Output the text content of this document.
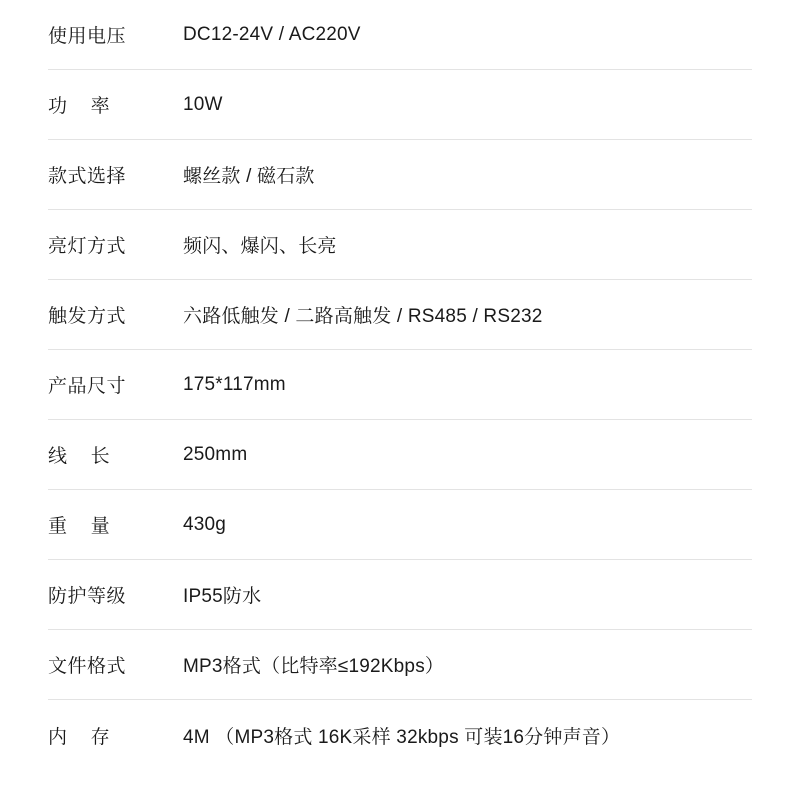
使用电压	DC12-24V / AC220V
功    率	10W
款式选择	螺丝款 / 磁石款
亮灯方式	频闪、爆闪、长亮
触发方式	六路低触发 / 二路高触发 / RS485 / RS232
产品尺寸	175*117mm
线    长	250mm
重    量	430g
防护等级	IP55防水
文件格式	MP3格式（比特率≤192Kbps）
内    存	4M （MP3格式 16K采样 32kbps 可装16分钟声音）
